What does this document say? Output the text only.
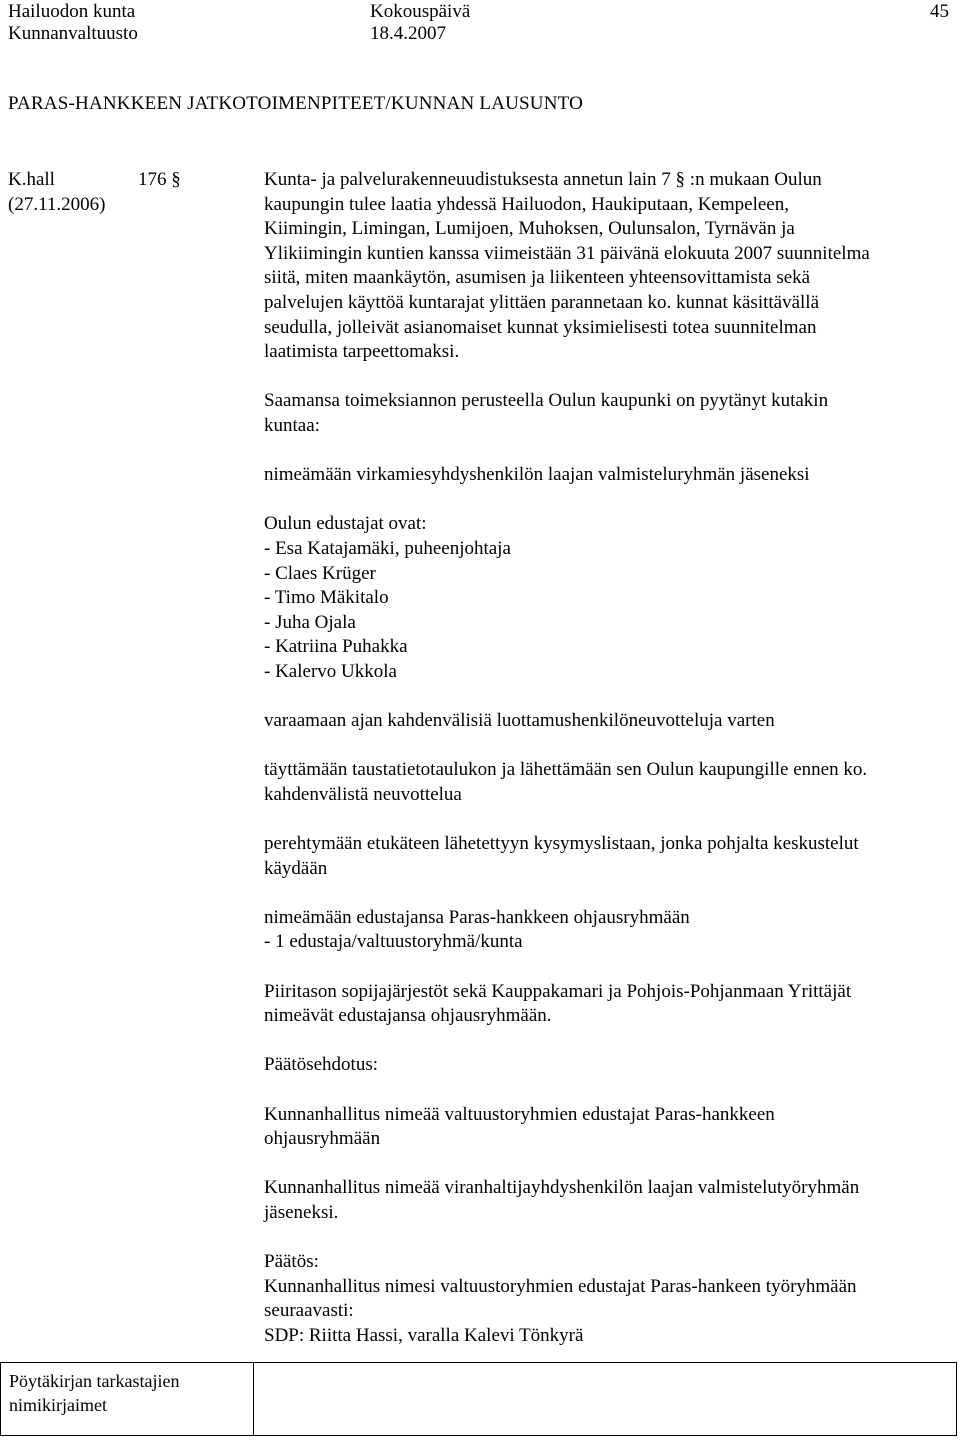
Hailuodon kunta
Kunnanvaltuusto
Kokouspäivä
18.4.2007
45
PARAS-HANKKEEN JATKOTOIMENPITEET/KUNNAN LAUSUNTO
K.hall
(27.11.2006)
176 §	Kunta- ja palvelurakenneuudistuksesta annetun lain 7 § :n mukaan Oulun
kaupungin tulee laatia yhdessä Hailuodon, Haukiputaan, Kempeleen,
Kiimingin, Limingan, Lumijoen, Muhoksen, Oulunsalon, Tyrnävän ja
Ylikiimingin kuntien kanssa viimeistään 31 päivänä elokuuta 2007 suunnitelma
siitä, miten maankäytön, asumisen ja liikenteen yhteensovittamista sekä
palvelujen käyttöä kuntarajat ylittäen parannetaan ko. kunnat käsittävällä
seudulla, jolleivät asianomaiset kunnat yksimielisesti totea suunnitelman
laatimista tarpeettomaksi.
Saamansa toimeksiannon perusteella Oulun kaupunki on pyytänyt kutakin
kuntaa:
nimeämään virkamiesyhdyshenkilön laajan valmisteluryhmän jäseneksi
Oulun edustajat ovat:
- Esa Katajamäki, puheenjohtaja
- Claes Krüger
- Timo Mäkitalo
- Juha Ojala
- Katriina Puhakka
- Kalervo Ukkola
varaamaan ajan kahdenvälisiä luottamushenkilöneuvotteluja varten
täyttämään taustatietotaulukon ja lähettämään sen Oulun kaupungille ennen ko.
kahdenvälistä neuvottelua
perehtymään etukäteen lähetettyyn kysymyslistaan, jonka pohjalta keskustelut
käydään
nimeämään edustajansa Paras-hankkeen ohjausryhmään
- 1 edustaja/valtuustoryhmä/kunta
Piiritason sopijajärjestöt sekä Kauppakamari ja Pohjois-Pohjanmaan Yrittäjät
nimeävät edustajansa ohjausryhmään.
Päätösehdotus:
Kunnanhallitus nimeää valtuustoryhmien edustajat Paras-hankkeen
ohjausryhmään
Kunnanhallitus nimeää viranhaltijayhdyshenkilön laajan valmistelutyöryhmän
jäseneksi.
Päätös:
Kunnanhallitus nimesi valtuustoryhmien edustajat Paras-hankeen työryhmään
seuraavasti:
SDP: Riitta Hassi, varalla Kalevi Tönkyrä
Pöytäkirjan tarkastajien
nimikirjaimet
